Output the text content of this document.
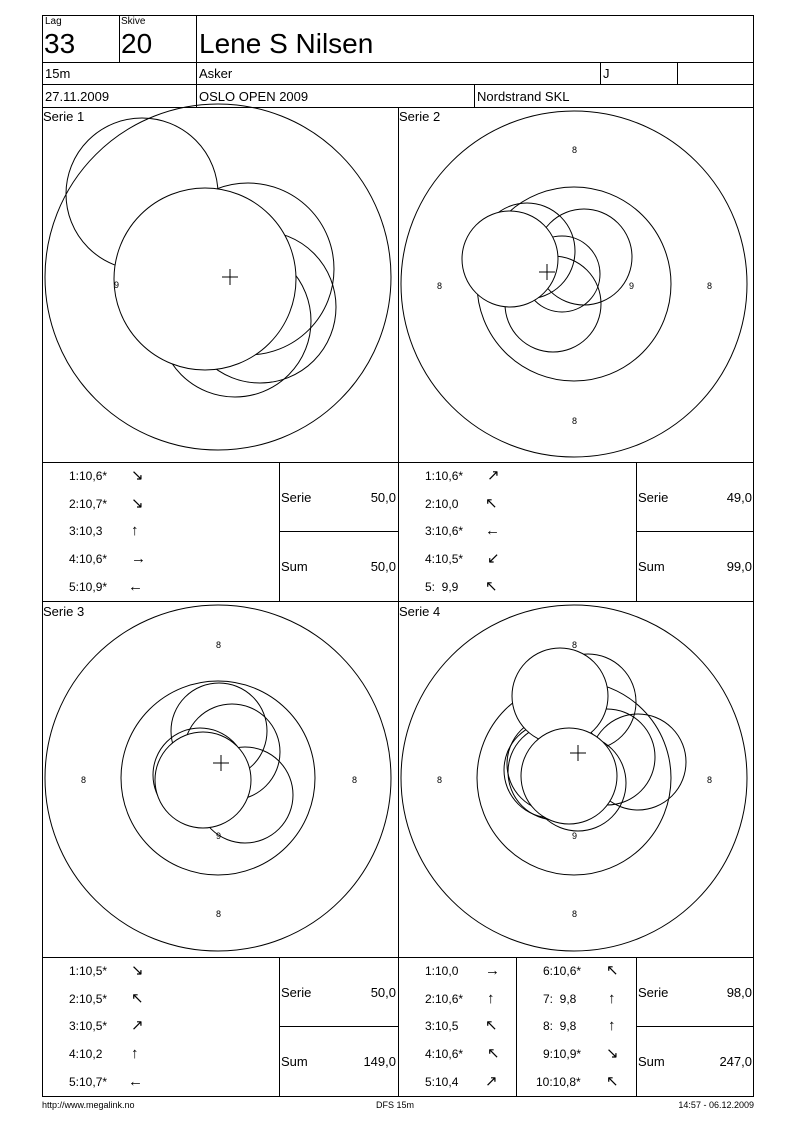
Lag
33
Skive
20 Lene S Nilsen
15m	Asker	J
27.11.2009	OSLO OPEN 2009	Nordstrand SKL
Serie 1	Serie 2
Serie 3	Serie 4
9
8
8	8
8
9
8
8	8
8
9
8
8	8
8
9
1:10,6* ↘
2:10,7* ↘
3:10,3 ↑
4:10,6* →
5:10,9* ←
Serie	50,0
Sum	50,0
1:10,6* ↗
2:10,0 ↖
3:10,6* ←
4:10,5* ↙
5:  9,9 ↖
Serie	49,0
Sum	99,0
1:10,5* ↘
2:10,5* ↖
3:10,5* ↗
4:10,2 ↑
5:10,7* ←
Serie	50,0
Sum	149,0
1:10,0 →
2:10,6* ↑
3:10,5 ↖
4:10,6* ↖
5:10,4 ↗
6:10,6* ↖
7:  9,8 ↑
8:  9,8 ↑
9:10,9* ↘
10:10,8* ↖
Serie	98,0
Sum	247,0
http://www.megalink.no	DFS 15m	14:57 - 06.12.2009
